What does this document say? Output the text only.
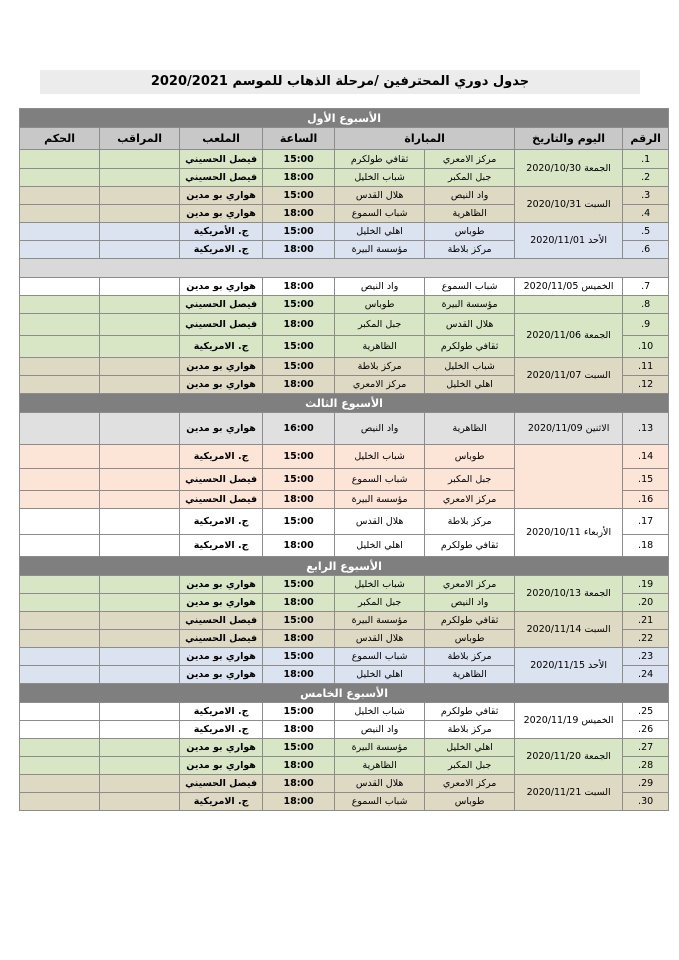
جدول دوري المحترفين /مرحلة الذهاب للموسم 2020/2021
الأسبوع الأول							
الرقم	اليوم والتاريخ	المباراة		الساعة	الملعب	المراقب	الحكم
1.	الجمعة 2020/10/30	مركز الامعري	ثقافي طولكرم	15:00	فيصل الحسيني		
2.		جبل المكبر	شباب الخليل	18:00	فيصل الحسيني		
3.	السبت 2020/10/31	واد النيص	هلال القدس	15:00	هواري بو مدين		
4.		الظاهرية	شباب السموع	18:00	هواري بو مدين		
5.	الأحد 2020/11/01	طوباس	اهلي الخليل	15:00	ج. الأمريكية		
6.		مركز بلاطة	مؤسسة البيرة	18:00	ج. الامريكية		

7.	الخميس 2020/11/05	شباب السموع	واد النيص	18:00	هواري بو مدين		
8.		مؤسسة البيرة	طوباس	15:00	فيصل الحسيني		
9.	الجمعة 2020/11/06	هلال القدس	جبل المكبر	18:00	فيصل الحسيني		
10.		ثقافي طولكرم	الظاهرية	15:00	ج. الامريكية		
11.	السبت 2020/11/07	شباب الخليل	مركز بلاطة	15:00	هواري بو مدين		
12.		اهلي الخليل	مركز الامعري	18:00	هواري بو مدين		
الأسبوع الثالث							
13.	الاثنين 2020/11/09	الظاهرية	واد النيص	16:00	هواري بو مدين		
14.		طوباس	شباب الخليل	15:00	ج. الامريكية		
15.		جبل المكبر	شباب السموع	15:00	فيصل الحسيني		
16.		مركز الامعري	مؤسسة البيرة	18:00	فيصل الحسيني		
17.	الأربعاء 2020/10/11	مركز بلاطة	هلال القدس	15:00	ج. الامريكية		
18.		ثقافي طولكرم	اهلي الخليل	18:00	ج. الامريكية		
الأسبوع الرابع							
19.	الجمعة 2020/10/13	مركز الامعري	شباب الخليل	15:00	هواري بو مدين		
20.		واد النيص	جبل المكبر	18:00	هواري بو مدين		
21.	السبت 2020/11/14	ثقافي طولكرم	مؤسسة البيرة	15:00	فيصل الحسيني		
22.		طوباس	هلال القدس	18:00	فيصل الحسيني		
23.	الأحد 2020/11/15	مركز بلاطة	شباب السموع	15:00	هواري بو مدين		
24.		الظاهرية	اهلي الخليل	18:00	هواري بو مدين		
الأسبوع الخامس							
25.	الخميس 2020/11/19	ثقافي طولكرم	شباب الخليل	15:00	ج. الامريكية		
26.		مركز بلاطة	واد النيص	18:00	ج. الامريكية		
27.	الجمعة 2020/11/20	اهلي الخليل	مؤسسة البيرة	15:00	هواري بو مدين		
28.		جبل المكبر	الظاهرية	18:00	هواري بو مدين		
29.	السبت 2020/11/21	مركز الامعري	هلال القدس	18:00	فيصل الحسيني		
30.		طوباس	شباب السموع	18:00	ج. الامريكية		
